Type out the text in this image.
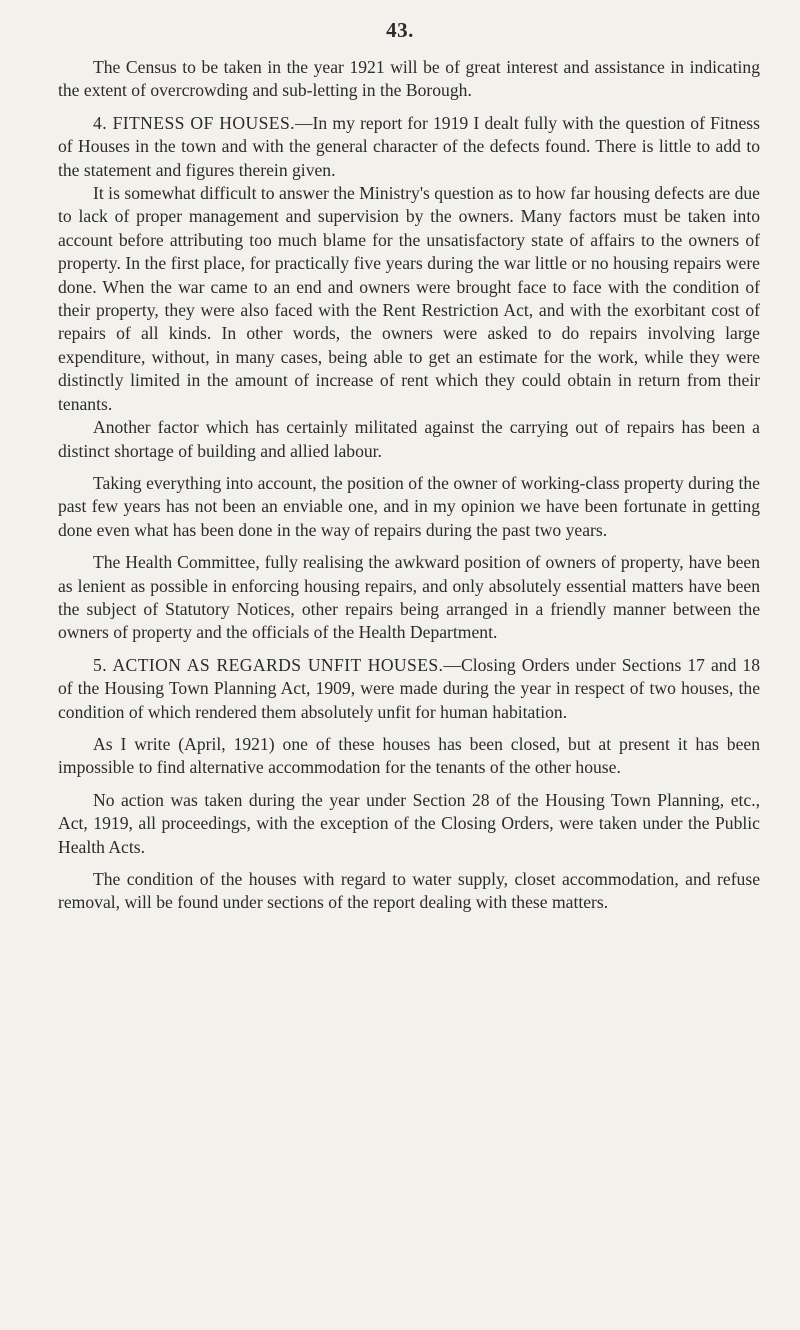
43.

The Census to be taken in the year 1921 will be of great interest and assistance in indicating the extent of overcrowding and sub-letting in the Borough.

4. FITNESS OF HOUSES.—In my report for 1919 I dealt fully with the question of Fitness of Houses in the town and with the general character of the defects found. There is little to add to the statement and figures therein given.

It is somewhat difficult to answer the Ministry's question as to how far housing defects are due to lack of proper management and supervision by the owners. Many factors must be taken into account before attributing too much blame for the unsatisfactory state of affairs to the owners of property. In the first place, for practically five years during the war little or no housing repairs were done. When the war came to an end and owners were brought face to face with the condition of their property, they were also faced with the Rent Restriction Act, and with the exorbitant cost of repairs of all kinds. In other words, the owners were asked to do repairs involving large expenditure, without, in many cases, being able to get an estimate for the work, while they were distinctly limited in the amount of increase of rent which they could obtain in return from their tenants.

Another factor which has certainly militated against the carrying out of repairs has been a distinct shortage of building and allied labour.

Taking everything into account, the position of the owner of working-class property during the past few years has not been an enviable one, and in my opinion we have been fortunate in getting done even what has been done in the way of repairs during the past two years.

The Health Committee, fully realising the awkward position of owners of property, have been as lenient as possible in enforcing housing repairs, and only absolutely essential matters have been the subject of Statutory Notices, other repairs being arranged in a friendly manner between the owners of property and the officials of the Health Department.

5. ACTION AS REGARDS UNFIT HOUSES.—Closing Orders under Sections 17 and 18 of the Housing Town Planning Act, 1909, were made during the year in respect of two houses, the condition of which rendered them absolutely unfit for human habitation.

As I write (April, 1921) one of these houses has been closed, but at present it has been impossible to find alternative accommodation for the tenants of the other house.

No action was taken during the year under Section 28 of the Housing Town Planning, etc., Act, 1919, all proceedings, with the exception of the Closing Orders, were taken under the Public Health Acts.

The condition of the houses with regard to water supply, closet accommodation, and refuse removal, will be found under sections of the report dealing with these matters.
